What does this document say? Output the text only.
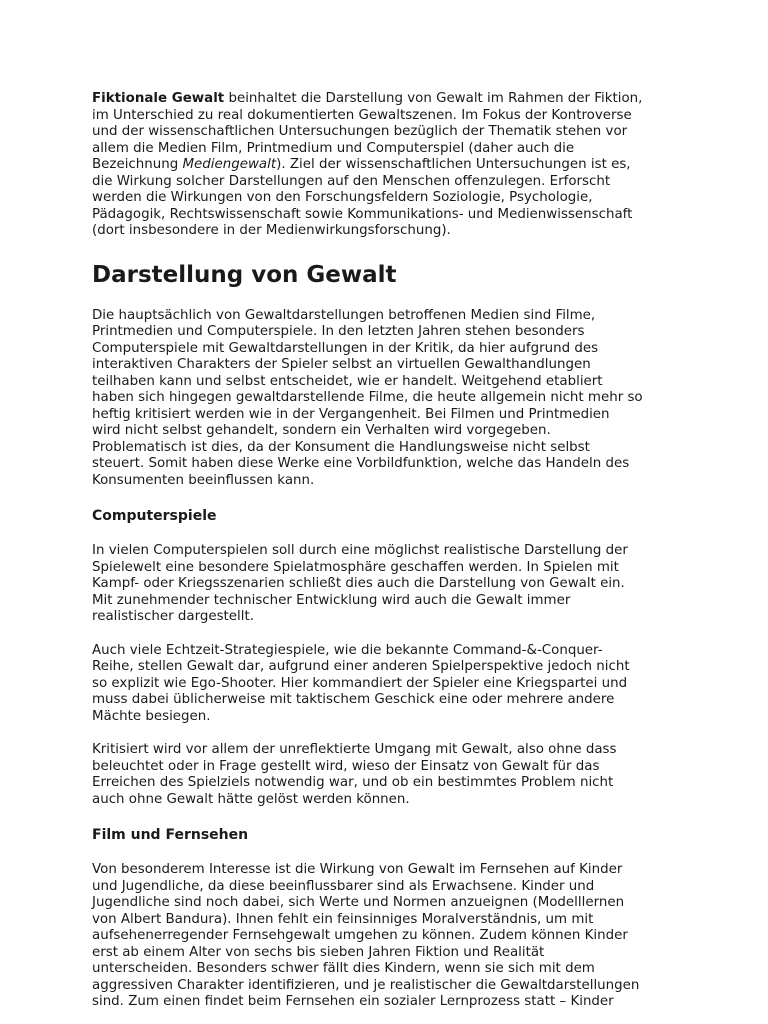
Fiktionale Gewalt beinhaltet die Darstellung von Gewalt im Rahmen der Fiktion,
im Unterschied zu real dokumentierten Gewaltszenen. Im Fokus der Kontroverse
und der wissenschaftlichen Untersuchungen bezüglich der Thematik stehen vor
allem die Medien Film, Printmedium und Computerspiel (daher auch die
Bezeichnung Mediengewalt). Ziel der wissenschaftlichen Untersuchungen ist es,
die Wirkung solcher Darstellungen auf den Menschen offenzulegen. Erforscht
werden die Wirkungen von den Forschungsfeldern Soziologie, Psychologie,
Pädagogik, Rechtswissenschaft sowie Kommunikations- und Medienwissenschaft
(dort insbesondere in der Medienwirkungsforschung).

Darstellung von Gewalt

Die hauptsächlich von Gewaltdarstellungen betroffenen Medien sind Filme,
Printmedien und Computerspiele. In den letzten Jahren stehen besonders
Computerspiele mit Gewaltdarstellungen in der Kritik, da hier aufgrund des
interaktiven Charakters der Spieler selbst an virtuellen Gewalthandlungen
teilhaben kann und selbst entscheidet, wie er handelt. Weitgehend etabliert
haben sich hingegen gewaltdarstellende Filme, die heute allgemein nicht mehr so
heftig kritisiert werden wie in der Vergangenheit. Bei Filmen und Printmedien
wird nicht selbst gehandelt, sondern ein Verhalten wird vorgegeben.
Problematisch ist dies, da der Konsument die Handlungsweise nicht selbst
steuert. Somit haben diese Werke eine Vorbildfunktion, welche das Handeln des
Konsumenten beeinflussen kann.

Computerspiele

In vielen Computerspielen soll durch eine möglichst realistische Darstellung der
Spielewelt eine besondere Spielatmosphäre geschaffen werden. In Spielen mit
Kampf- oder Kriegsszenarien schließt dies auch die Darstellung von Gewalt ein.
Mit zunehmender technischer Entwicklung wird auch die Gewalt immer
realistischer dargestellt.

Auch viele Echtzeit-Strategiespiele, wie die bekannte Command-&-Conquer-
Reihe, stellen Gewalt dar, aufgrund einer anderen Spielperspektive jedoch nicht
so explizit wie Ego-Shooter. Hier kommandiert der Spieler eine Kriegspartei und
muss dabei üblicherweise mit taktischem Geschick eine oder mehrere andere
Mächte besiegen.

Kritisiert wird vor allem der unreflektierte Umgang mit Gewalt, also ohne dass
beleuchtet oder in Frage gestellt wird, wieso der Einsatz von Gewalt für das
Erreichen des Spielziels notwendig war, und ob ein bestimmtes Problem nicht
auch ohne Gewalt hätte gelöst werden können.

Film und Fernsehen

Von besonderem Interesse ist die Wirkung von Gewalt im Fernsehen auf Kinder
und Jugendliche, da diese beeinflussbarer sind als Erwachsene. Kinder und
Jugendliche sind noch dabei, sich Werte und Normen anzueignen (Modelllernen
von Albert Bandura). Ihnen fehlt ein feinsinniges Moralverständnis, um mit
aufsehenerregender Fernsehgewalt umgehen zu können. Zudem können Kinder
erst ab einem Alter von sechs bis sieben Jahren Fiktion und Realität
unterscheiden. Besonders schwer fällt dies Kindern, wenn sie sich mit dem
aggressiven Charakter identifizieren, und je realistischer die Gewaltdarstellungen
sind. Zum einen findet beim Fernsehen ein sozialer Lernprozess statt – Kinder
